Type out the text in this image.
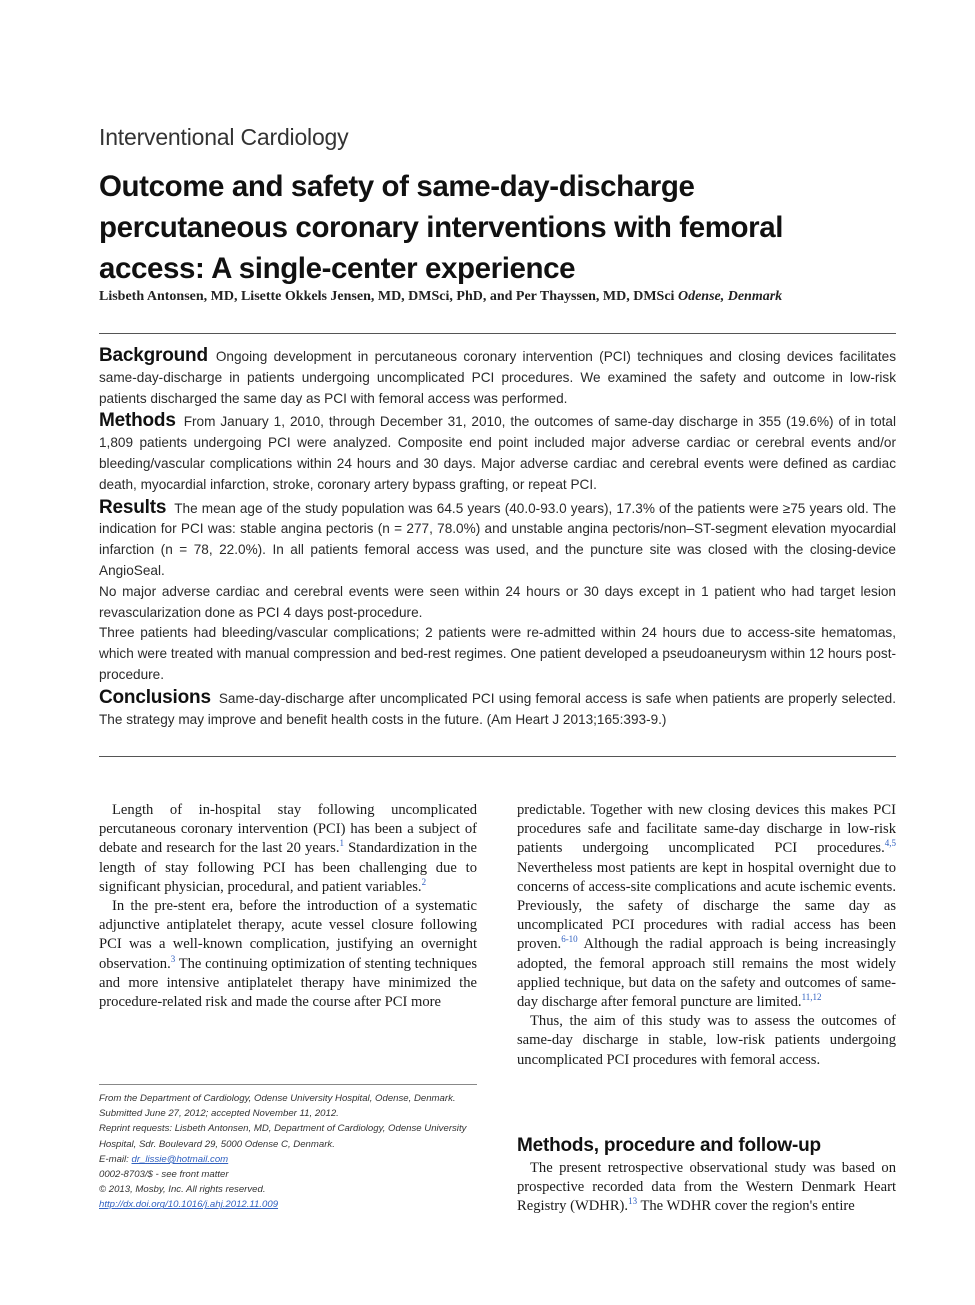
Interventional Cardiology
Outcome and safety of same-day-discharge percutaneous coronary interventions with femoral access: A single-center experience
Lisbeth Antonsen, MD, Lisette Okkels Jensen, MD, DMSci, PhD, and Per Thayssen, MD, DMSci Odense, Denmark

Background Ongoing development in percutaneous coronary intervention (PCI) techniques and closing devices facilitates same-day-discharge in patients undergoing uncomplicated PCI procedures. We examined the safety and outcome in low-risk patients discharged the same day as PCI with femoral access was performed.

Methods From January 1, 2010, through December 31, 2010, the outcomes of same-day discharge in 355 (19.6%) of in total 1,809 patients undergoing PCI were analyzed. Composite end point included major adverse cardiac or cerebral events and/or bleeding/vascular complications within 24 hours and 30 days. Major adverse cardiac and cerebral events were defined as cardiac death, myocardial infarction, stroke, coronary artery bypass grafting, or repeat PCI.

Results The mean age of the study population was 64.5 years (40.0-93.0 years), 17.3% of the patients were ≥75 years old. The indication for PCI was: stable angina pectoris (n = 277, 78.0%) and unstable angina pectoris/non–ST-segment elevation myocardial infarction (n = 78, 22.0%). In all patients femoral access was used, and the puncture site was closed with the closing-device AngioSeal.

No major adverse cardiac and cerebral events were seen within 24 hours or 30 days except in 1 patient who had target lesion revascularization done as PCI 4 days post-procedure.

Three patients had bleeding/vascular complications; 2 patients were re-admitted within 24 hours due to access-site hematomas, which were treated with manual compression and bed-rest regimes. One patient developed a pseudoaneurysm within 12 hours post-procedure.

Conclusions Same-day-discharge after uncomplicated PCI using femoral access is safe when patients are properly selected. The strategy may improve and benefit health costs in the future. (Am Heart J 2013;165:393-9.)

Length of in-hospital stay following uncomplicated percutaneous coronary intervention (PCI) has been a subject of debate and research for the last 20 years.$^1$ Standardization in the length of stay following PCI has been challenging due to significant physician, procedural, and patient variables.$^2$

In the pre-stent era, before the introduction of a systematic adjunctive antiplatelet therapy, acute vessel closure following PCI was a well-known complication, justifying an overnight observation.$^3$ The continuing optimization of stenting techniques and more intensive antiplatelet therapy have minimized the procedure-related risk and made the course after PCI more

From the Department of Cardiology, Odense University Hospital, Odense, Denmark.
Submitted June 27, 2012; accepted November 11, 2012.
Reprint requests: Lisbeth Antonsen, MD, Department of Cardiology, Odense University
Hospital, Sdr. Boulevard 29, 5000 Odense C, Denmark.
E-mail: dr_lissie@hotmail.com
0002-8703/$ - see front matter
© 2013, Mosby, Inc. All rights reserved.
http://dx.doi.org/10.1016/j.ahj.2012.11.009

predictable. Together with new closing devices this makes PCI procedures safe and facilitate same-day discharge in low-risk patients undergoing uncomplicated PCI procedures.$^{4,5}$ Nevertheless most patients are kept in hospital overnight due to concerns of access-site complications and acute ischemic events. Previously, the safety of discharge the same day as uncomplicated PCI procedures with radial access has been proven.$^{6-10}$ Although the radial approach is being increasingly adopted, the femoral approach still remains the most widely applied technique, but data on the safety and outcomes of same-day discharge after femoral puncture are limited.$^{11,12}$

Thus, the aim of this study was to assess the outcomes of same-day discharge in stable, low-risk patients undergoing uncomplicated PCI procedures with femoral access.

Methods, procedure and follow-up

The present retrospective observational study was based on prospective recorded data from the Western Denmark Heart Registry (WDHR).$^{13}$ The WDHR cover the region's entire
